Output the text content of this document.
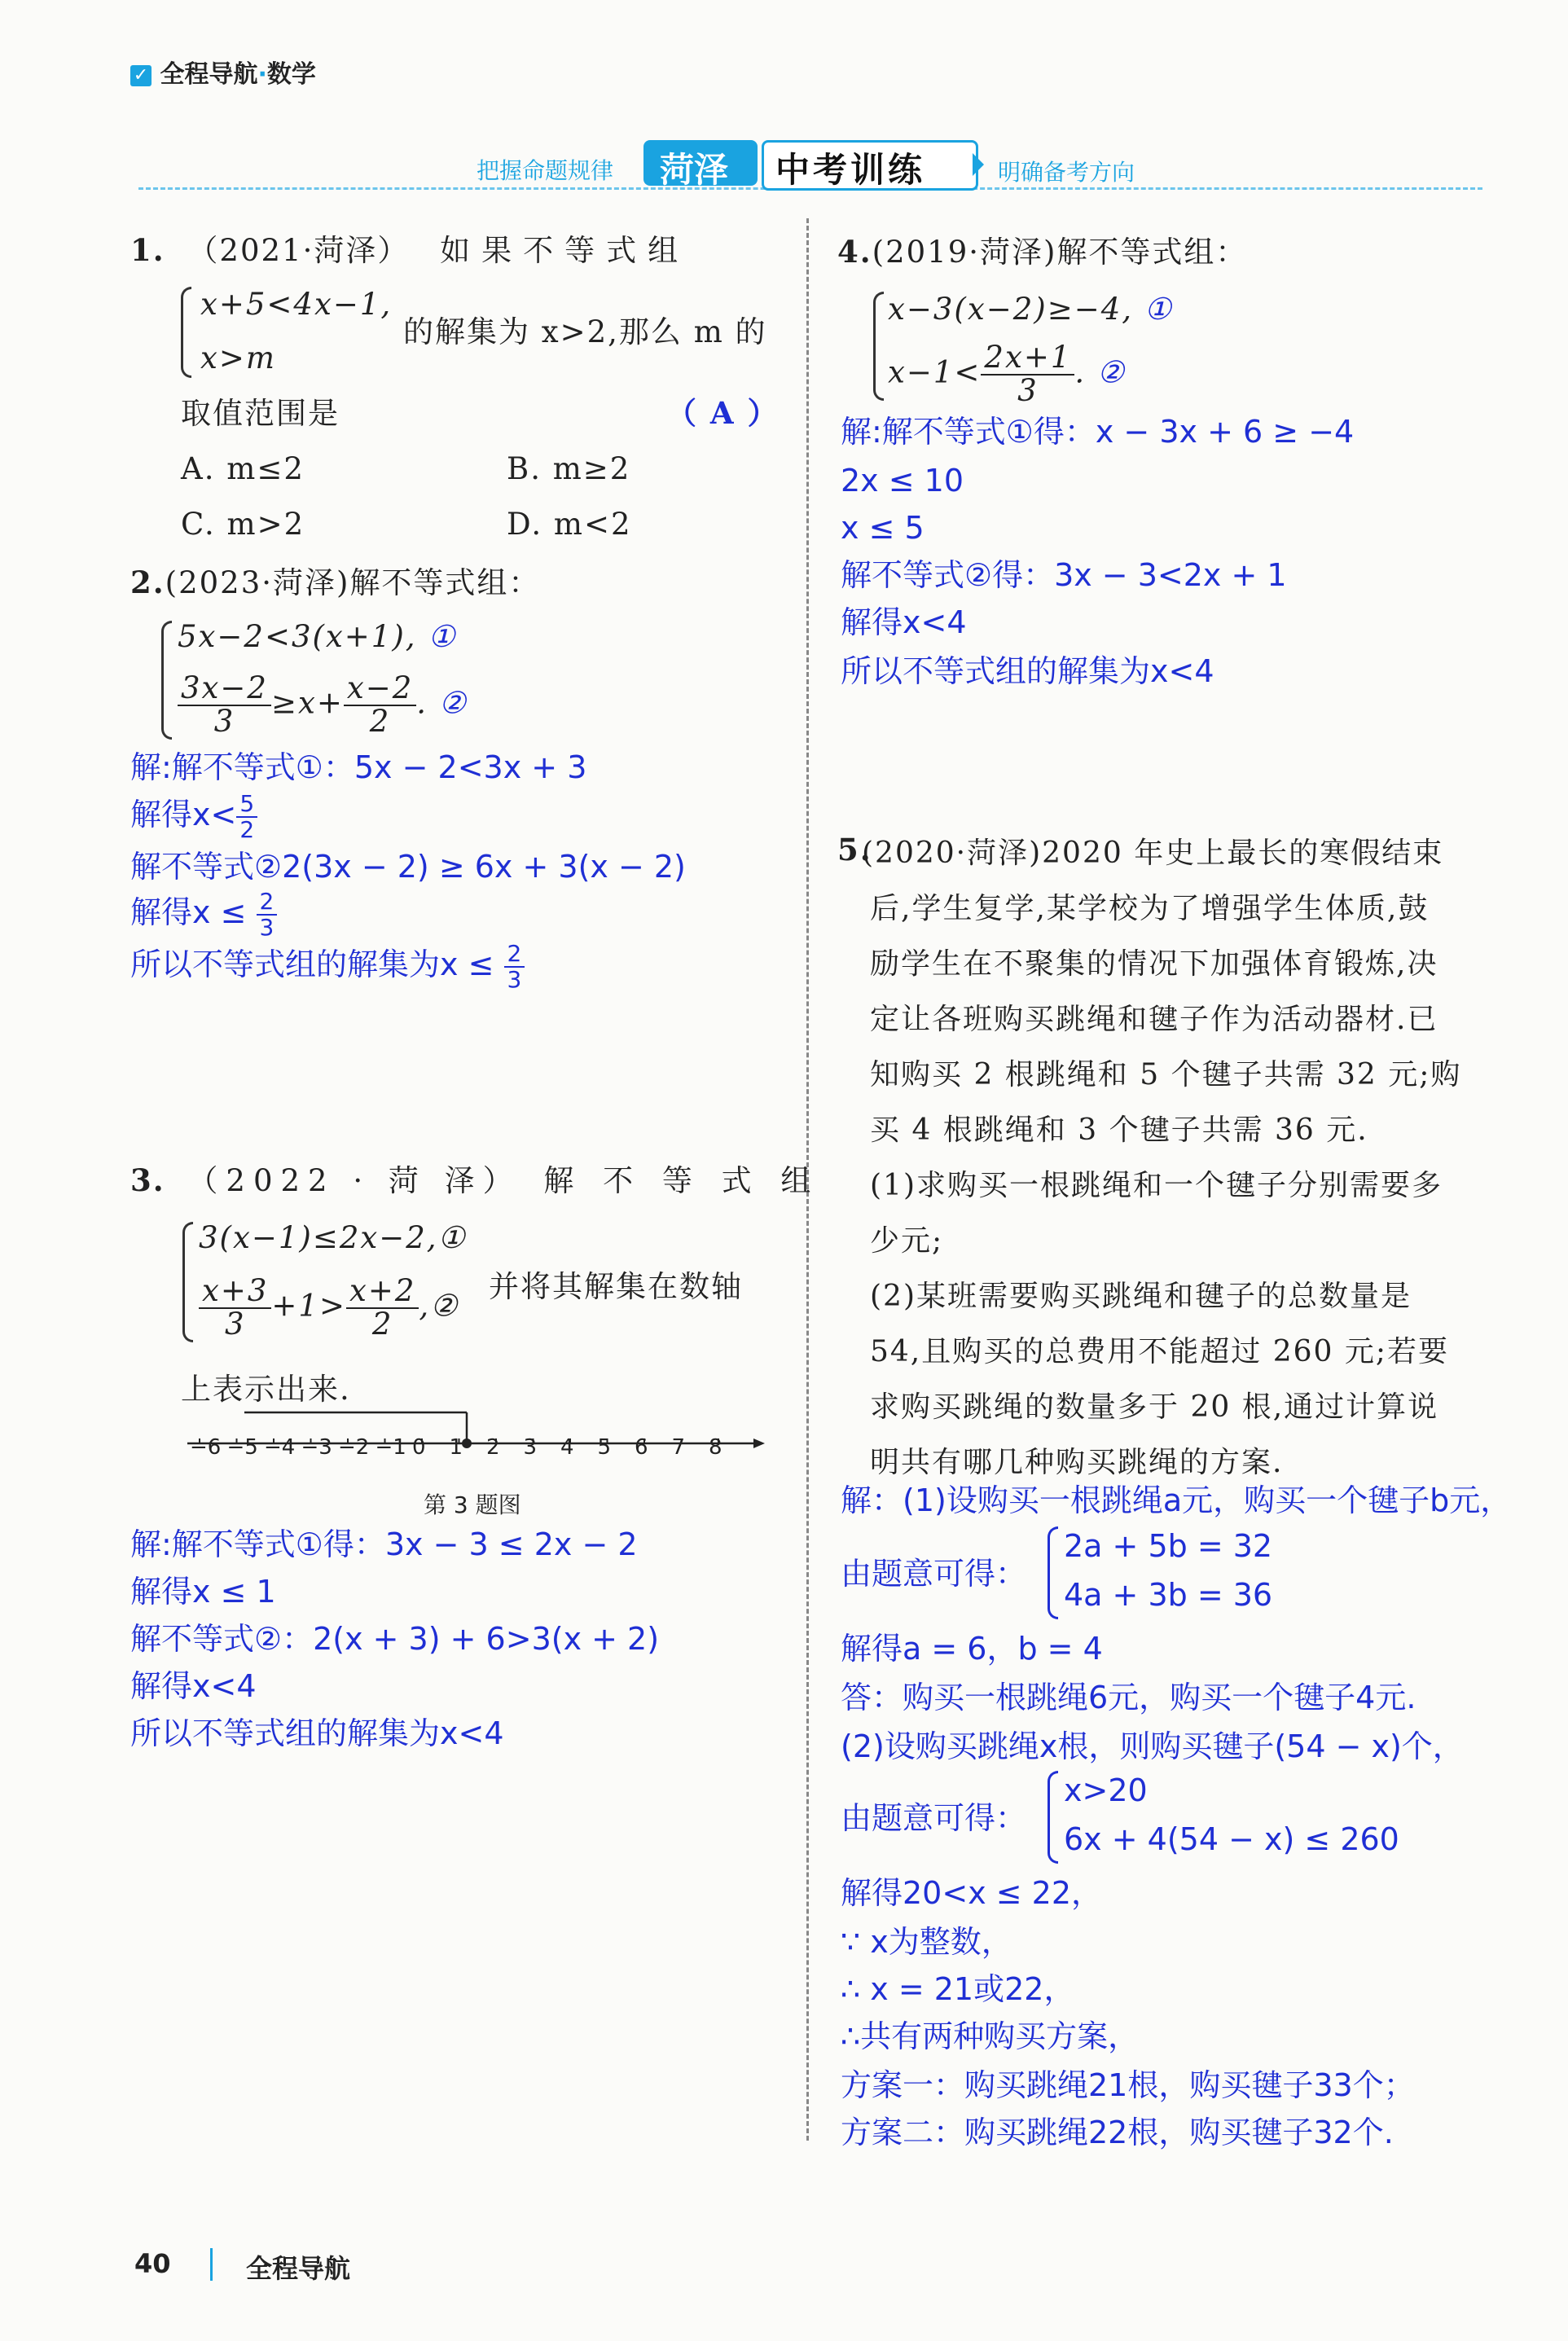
✓ 全程导航·数学
把握命题规律 菏泽 中考训练	明确备考方向
1. （2021·菏泽） 如果不等式组
x+5<4x−1,
x>m
的解集为 x>2,那么 m 的
取值范围是	（ A ）
A. m≤2	B. m≥2
C. m>2	D. m<2
2.(2023·菏泽)解不等式组：
5x−2<3(x+1), ①
$\frac{3x-2}{3} \ge x+ \frac{x-2}{2}$ . ②
解:解不等式①：5x − 2<3x + 3
解得$x< \frac{5}{2}$
解不等式②2(3x − 2) ≥ 6x + 3(x − 2)
解得$x \le \frac{2}{3}$
所以不等式组的解集为$x \le \frac{2}{3}$
3. （2022 · 菏 泽） 解 不 等 式 组
3(x−1)≤2x−2,①
$\frac{x+3}{3} +1> \frac{x+2}{2}$ ,②
并将其解集在数轴
上表示出来.
−6 −5 −4 −3 −2 −1 0 1 2 3 4 5 6 7 8
第 3 题图
解:解不等式①得：3x − 3 ≤ 2x − 2
解得x ≤ 1
解不等式②：2(x + 3) + 6>3(x + 2)
解得x<4
所以不等式组的解集为x<4
4.(2019·菏泽)解不等式组：
x−3(x−2)≥−4, ①
$x-1< \frac{2x+1}{3}$ . ②
解:解不等式①得：x − 3x + 6 ≥ −4
2x ≤ 10
x ≤ 5
解不等式②得：3x − 3<2x + 1
解得x<4
所以不等式组的解集为x<4
5.
(2020·菏泽)2020 年史上最长的寒假结束
后,学生复学,某学校为了增强学生体质,鼓
励学生在不聚集的情况下加强体育锻炼,决
定让各班购买跳绳和毽子作为活动器材.已
知购买 2 根跳绳和 5 个毽子共需 32 元;购
买 4 根跳绳和 3 个毽子共需 36 元.
(1)求购买一根跳绳和一个毽子分别需要多
少元;
(2)某班需要购买跳绳和毽子的总数量是
54,且购买的总费用不能超过 260 元;若要
求购买跳绳的数量多于 20 根,通过计算说
明共有哪几种购买跳绳的方案.
解：(1)设购买一根跳绳a元，购买一个毽子b元，
由题意可得：
2a + 5b = 32
4a + 3b = 36
解得a = 6，b = 4
答：购买一根跳绳6元，购买一个毽子4元.
(2)设购买跳绳x根，则购买毽子(54 − x)个，
由题意可得：
x>20
6x + 4(54 − x) ≤ 260
解得20<x ≤ 22，
∵ x为整数，
∴ x = 21或22，
∴共有两种购买方案，
方案一：购买跳绳21根，购买毽子33个；
方案二：购买跳绳22根，购买毽子32个.
40	全程导航
